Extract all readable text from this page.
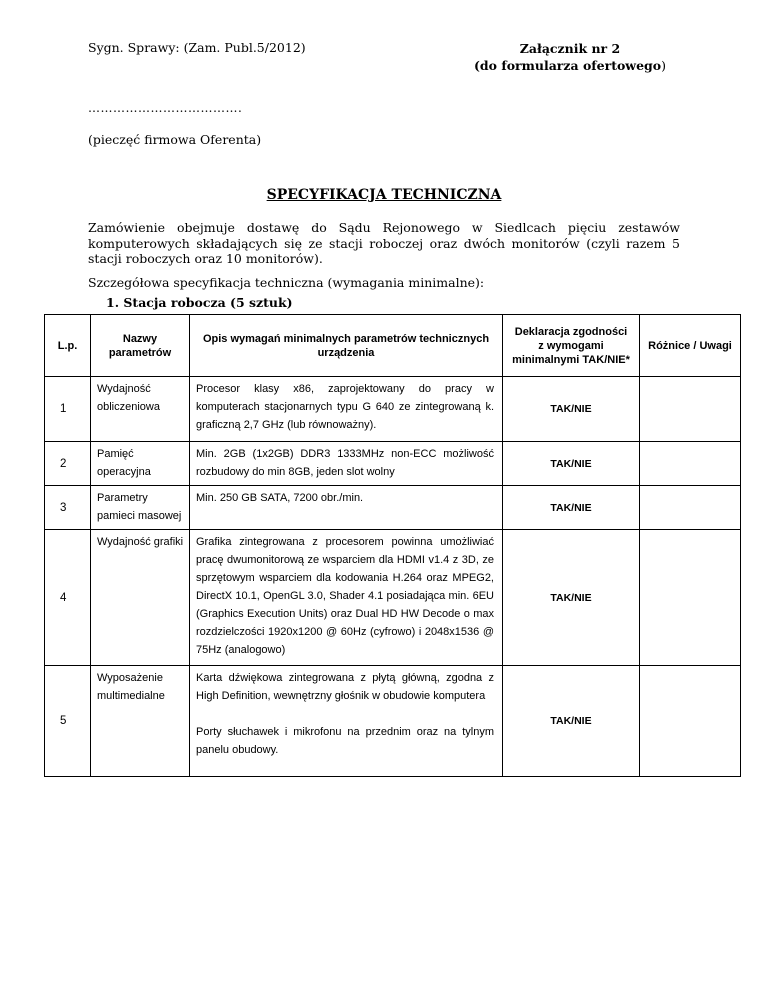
Sygn. Sprawy: (Zam. Publ.5/2012)	Załącznik nr 2
(do formularza ofertowego)
……………………………….
(pieczęć firmowa Oferenta)
SPECYFIKACJA TECHNICZNA
Zamówienie obejmuje dostawę do Sądu Rejonowego w Siedlcach pięciu zestawów komputerowych składających się ze stacji roboczej oraz dwóch monitorów (czyli razem 5 stacji roboczych oraz 10 monitorów).
Szczegółowa specyfikacja techniczna (wymagania minimalne):
1. Stacja robocza (5 sztuk)
L.p.	Nazwy parametrów	Opis wymagań minimalnych parametrów technicznych urządzenia	Deklaracja zgodności z wymogami minimalnymi TAK/NIE*	Różnice / Uwagi
1	Wydajność obliczeniowa	Procesor klasy x86, zaprojektowany do pracy w komputerach stacjonarnych typu G 640 ze zintegrowaną k. graficzną 2,7 GHz (lub równoważny).	TAK/NIE	
2	Pamięć operacyjna	Min. 2GB (1x2GB) DDR3 1333MHz non-ECC możliwość rozbudowy do min 8GB, jeden slot wolny	TAK/NIE	
3	Parametry pamieci masowej	Min. 250 GB SATA, 7200 obr./min.	TAK/NIE	
4	Wydajność grafiki	Grafika zintegrowana z procesorem powinna umożliwiać pracę dwumonitorową ze wsparciem dla HDMI v1.4 z 3D, ze sprzętowym wsparciem dla kodowania H.264 oraz MPEG2, DirectX 10.1, OpenGL 3.0, Shader 4.1 posiadająca min. 6EU (Graphics Execution Units) oraz Dual HD HW Decode o max rozdzielczości 1920x1200 @ 60Hz (cyfrowo) i 2048x1536 @ 75Hz (analogowo)	TAK/NIE	
5	Wyposażenie multimedialne	Karta dźwiękowa zintegrowana z płytą główną, zgodna z High Definition, wewnętrzny głośnik w obudowie komputera

Porty słuchawek i mikrofonu na przednim oraz na tylnym panelu obudowy.	TAK/NIE	
